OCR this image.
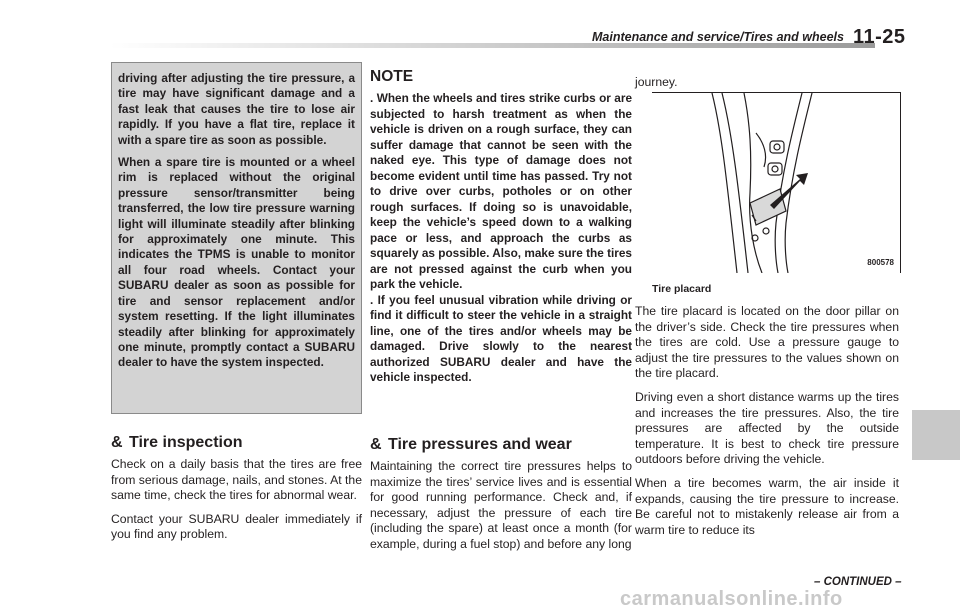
Maintenance and service/Tires and wheels 11-25

driving after adjusting the tire pressure, a tire may have significant damage and a fast leak that causes the tire to lose air rapidly. If you have a flat tire, replace it with a spare tire as soon as possible.

When a spare tire is mounted or a wheel rim is replaced without the original pressure sensor/transmitter being transferred, the low tire pressure warning light will illuminate steadily after blinking for approximately one minute. This indicates the TPMS is unable to monitor all four road wheels. Contact your SUBARU dealer as soon as possible for tire and sensor replacement and/or system resetting. If the light illuminates steadily after blinking for approximately one minute, promptly contact a SUBARU dealer to have the system inspected.

& Tire inspection

Check on a daily basis that the tires are free from serious damage, nails, and stones. At the same time, check the tires for abnormal wear.

Contact your SUBARU dealer immediately if you find any problem.

NOTE

. When the wheels and tires strike curbs or are subjected to harsh treatment as when the vehicle is driven on a rough surface, they can suffer damage that cannot be seen with the naked eye. This type of damage does not become evident until time has passed. Try not to drive over curbs, potholes or on other rough surfaces. If doing so is unavoidable, keep the vehicle’s speed down to a walking pace or less, and approach the curbs as squarely as possible. Also, make sure the tires are not pressed against the curb when you park the vehicle.

. If you feel unusual vibration while driving or find it difficult to steer the vehicle in a straight line, one of the tires and/or wheels may be damaged. Drive slowly to the nearest authorized SUBARU dealer and have the vehicle inspected.

& Tire pressures and wear

Maintaining the correct tire pressures helps to maximize the tires’ service lives and is essential for good running performance. Check and, if necessary, adjust the pressure of each tire (including the spare) at least once a month (for example, during a fuel stop) and before any long

journey.

800578
Tire placard

The tire placard is located on the door pillar on the driver’s side. Check the tire pressures when the tires are cold. Use a pressure gauge to adjust the tire pressures to the values shown on the tire placard.

Driving even a short distance warms up the tires and increases the tire pressures. Also, the tire pressures are affected by the outside temperature. It is best to check tire pressure outdoors before driving the vehicle.

When a tire becomes warm, the air inside it expands, causing the tire pressure to increase. Be careful not to mistakenly release air from a warm tire to reduce its

– CONTINUED –
carmanualsonline.info
